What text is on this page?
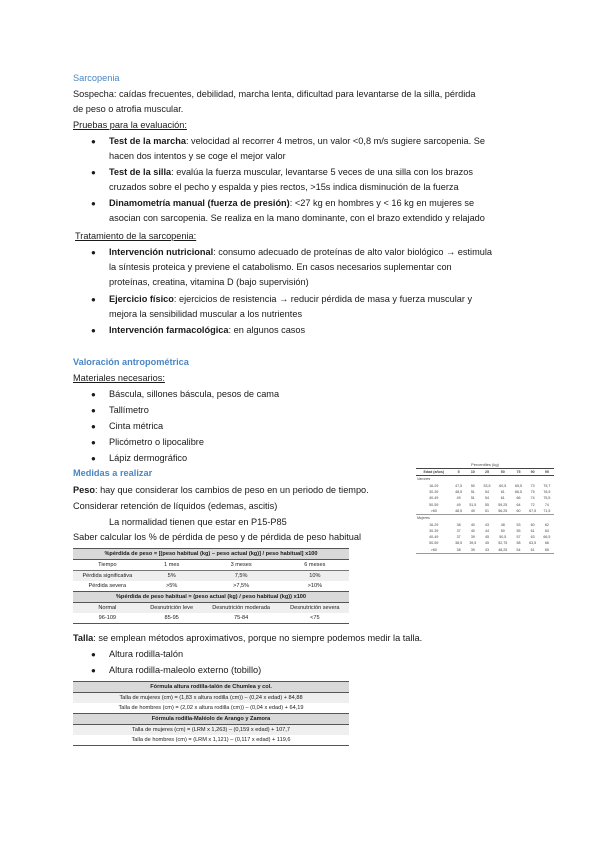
Sarcopenia
Sospecha: caídas frecuentes, debilidad, marcha lenta, dificultad para levantarse de la silla, pérdida
de peso o atrofia muscular.
Pruebas para la evaluación:
● Test de la marcha: velocidad al recorrer 4 metros, un valor <0,8 m/s sugiere sarcopenia. Se
hacen dos intentos y se coge el mejor valor
● Test de la silla: evalúa la fuerza muscular, levantarse 5 veces de una silla con los brazos
cruzados sobre el pecho y espalda y pies rectos, >15s indica disminución de la fuerza
● Dinamometría manual (fuerza de presión): <27 kg en hombres y < 16 kg en mujeres se
asocian con sarcopenia. Se realiza en la mano dominante, con el brazo extendido y relajado
Tratamiento de la sarcopenia:
● Intervención nutricional: consumo adecuado de proteínas de alto valor biológico → estimula
la síntesis proteica y previene el catabolismo. En casos necesarios suplementar con
proteínas, creatina, vitamina D (bajo supervisión)
● Ejercicio físico: ejercicios de resistencia → reducir pérdida de masa y fuerza muscular y
mejora la sensibilidad muscular a los nutrientes
● Intervención farmacológica: en algunos casos
Valoración antropométrica
Materiales necesarios:
● Báscula, sillones báscula, pesos de cama
● Tallímetro
● Cinta métrica
● Plicómetro o lipocalibre
● Lápiz dermográfico
Medidas a realizar
Peso: hay que considerar los cambios de peso en un periodo de tiempo.
Considerar retención de líquidos (edemas, ascitis)
La normalidad tienen que estar en P15-P85
Saber calcular los % de pérdida de peso y de pérdida de peso habitual
%pérdida de peso = [(peso habitual (kg) – peso actual (kg)] / peso habitual] x100			
Tiempo	1 mes	3 meses	6 meses
Pérdida significativa	5%	7,5%	10%
Pérdida severa	>5%	>7,5%	>10%
%pérdida de peso habitual = (peso actual (kg) / peso habitual (kg)) x100			
Normal	Desnutrición leve	Desnutrición moderada	Desnutrición severa
96-109	85-95	75-84	<75
Percentiles (kg)
Edad (años)	5	10	25	50	75	90	95
Varones							
16-29	47,5	50	53,5	60,5	65,5	73	75,7
30-39	48,5	51	54	61	66,5	75	76,5
40-49	49	51	54	61	66	74	75,5
50-59	49	51,5	55	59,25	64	72	74
>60	48,5	49	51	56,25	60	67,5	71,5
Mujeres							
16-29	38	40	43	48	53	60	62
30-39	37	40	44	50	55	61	63
40-49	37	39	45	50,5	57	63	66,5
50-59	38,5	39,5	45	52,75	58	63,5	66
>60	38	39	43	48,25	54	61	65
Talla: se emplean métodos aproximativos, porque no siempre podemos medir la talla.
● Altura rodilla-talón
● Altura rodilla-maleolo externo (tobillo)
Fórmula altura rodilla-talón de Chumlea y col.
Talla de mujeres (cm) = (1,83 x altura rodilla (cm)) – (0,24 x edad) + 84,88
Talla de hombres (cm) = (2,02 x altura rodilla (cm)) – (0,04 x edad) + 64,19
Fórmula rodilla-Maléolo de Arango y Zamora
Talla de mujeres (cm) = (LRM x 1,263) – (0,159 x edad) + 107,7
Talla de hombres (cm) = (LRM x 1,121) – (0,117 x edad) + 119,6
